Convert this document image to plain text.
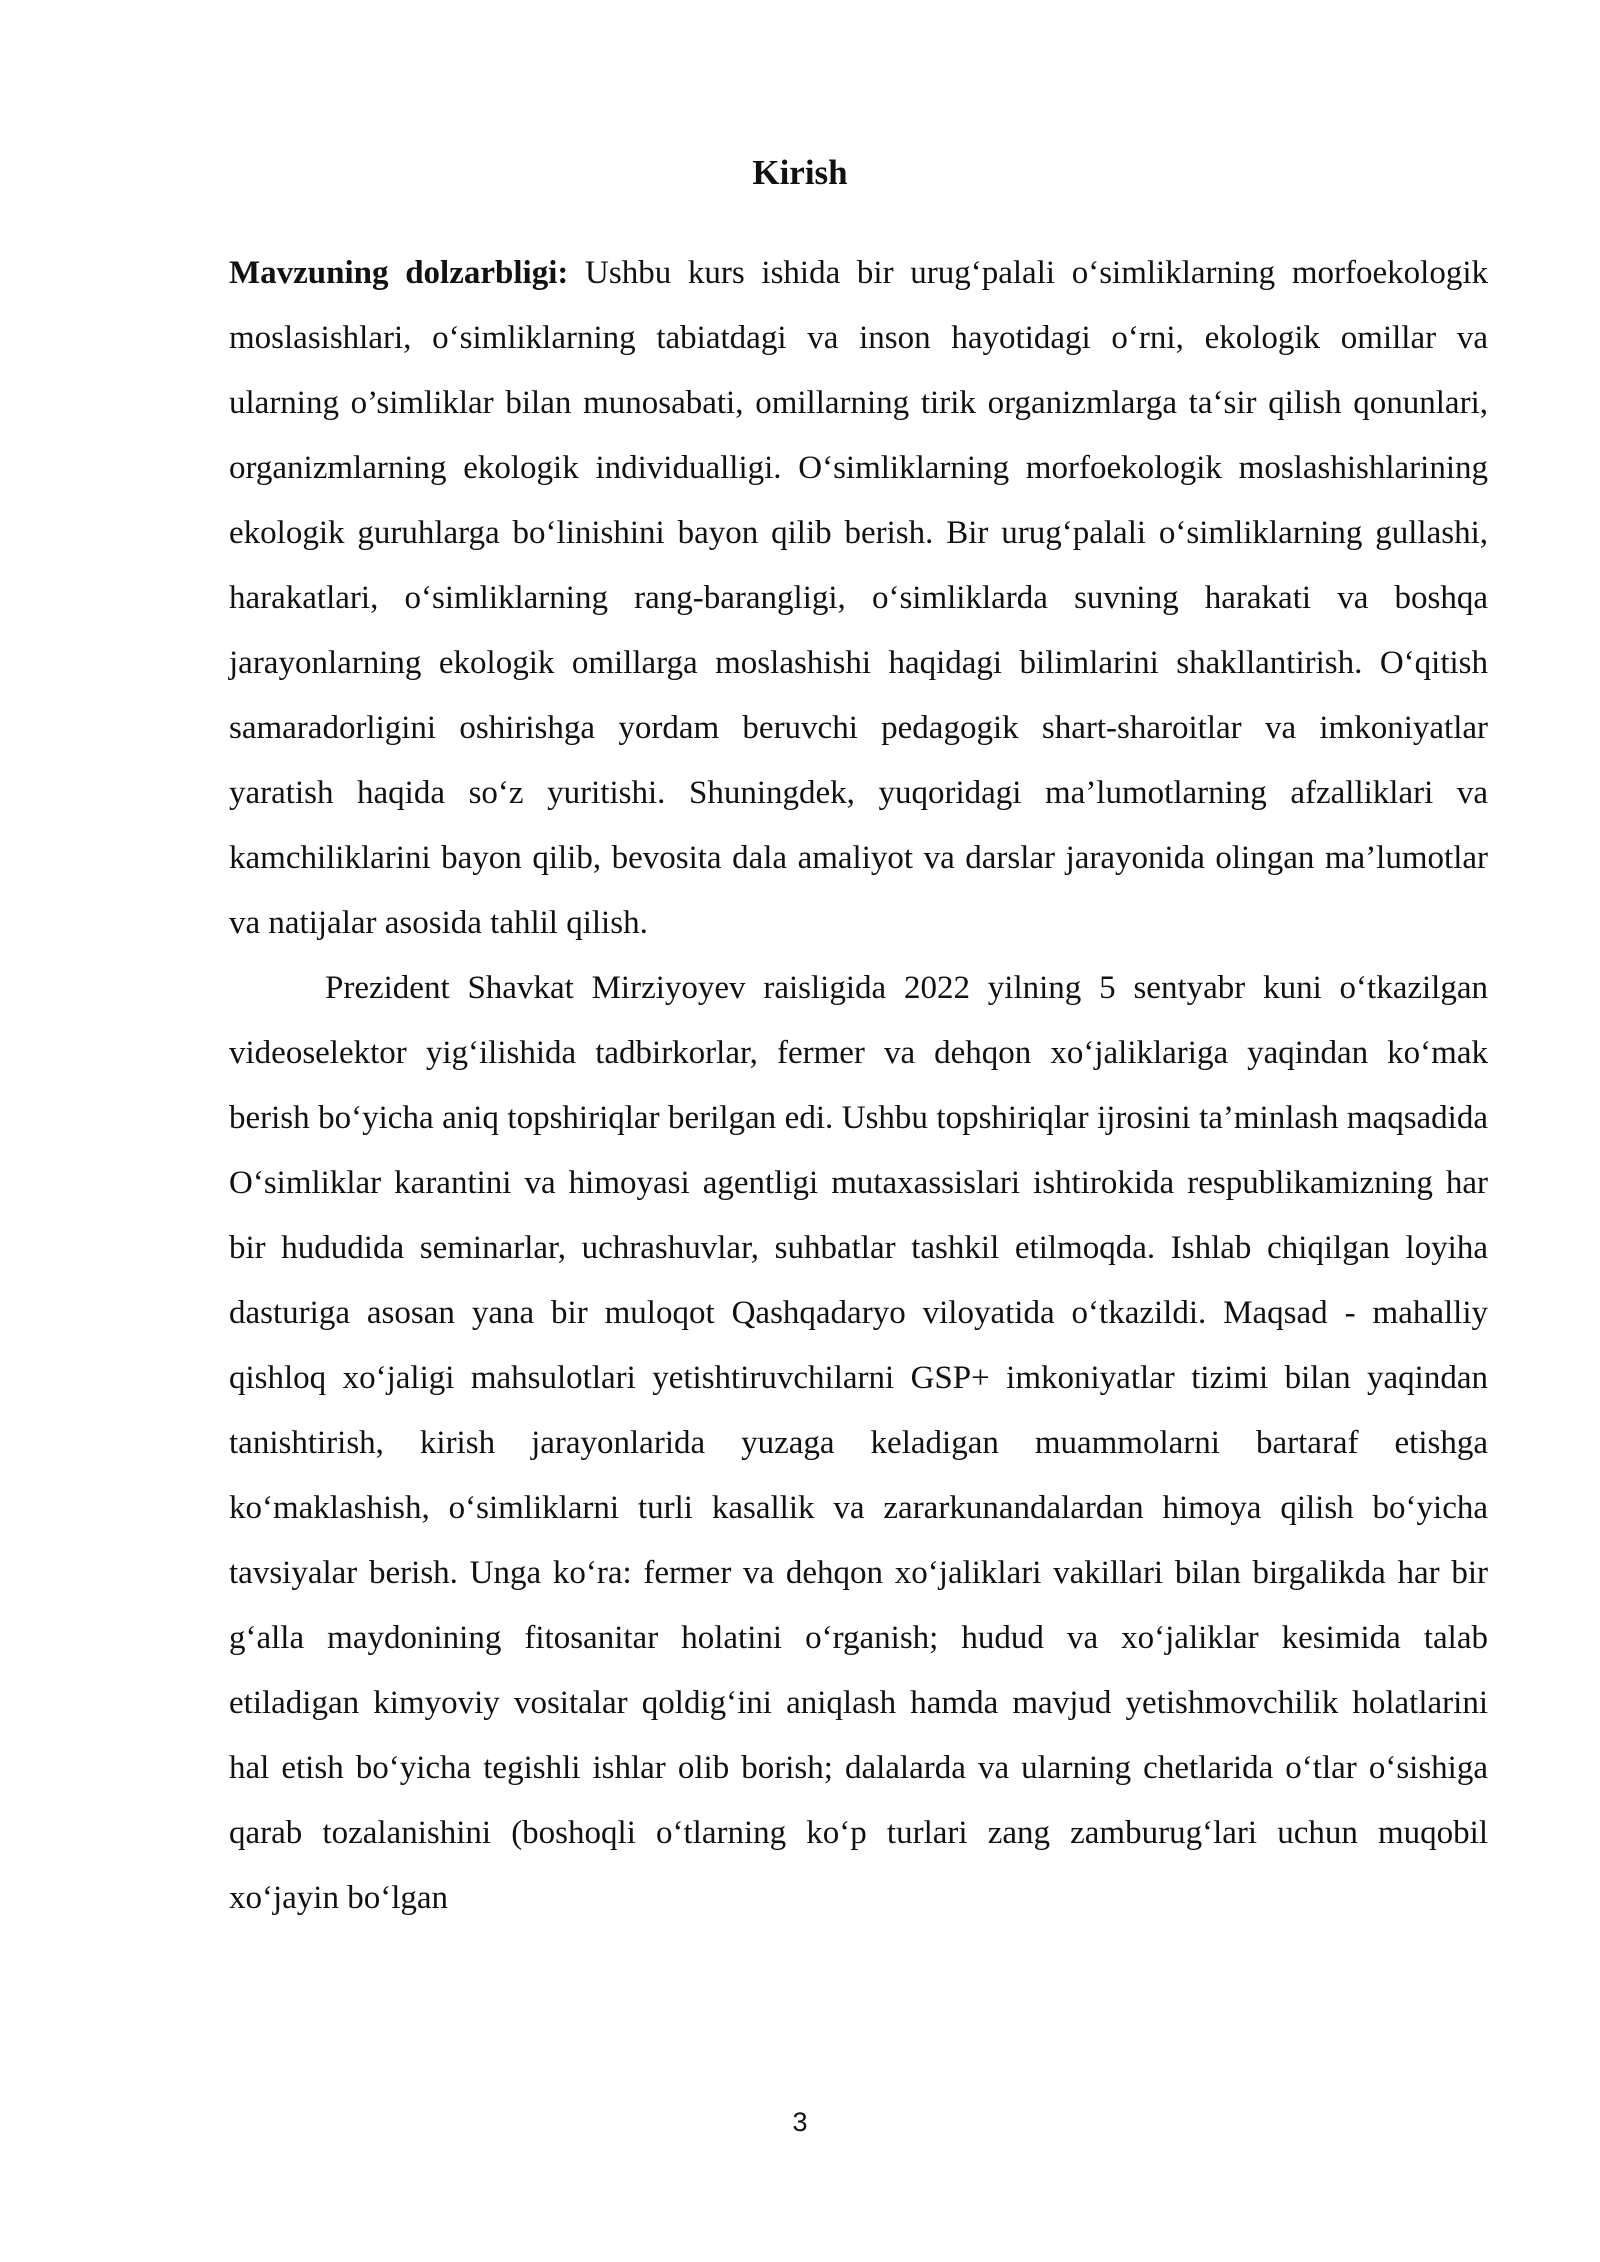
Kirish

Mavzuning dolzarbligi: Ushbu kurs ishida bir urug‘palali o‘simliklarning morfoekologik moslasishlari, o‘simliklarning tabiatdagi va inson hayotidagi o‘rni, ekologik omillar va ularning o’simliklar bilan munosabati, omillarning tirik organizmlarga ta‘sir qilish qonunlari, organizmlarning ekologik individualligi. O‘simliklarning morfoekologik moslashishlarining ekologik guruhlarga bo‘linishini bayon qilib berish. Bir urug‘palali o‘simliklarning gullashi, harakatlari, o‘simliklarning rang-barangligi, o‘simliklarda suvning harakati va boshqa jarayonlarning ekologik omillarga moslashishi haqidagi bilimlarini shakllantirish. O‘qitish samaradorligini oshirishga yordam beruvchi pedagogik shart-sharoitlar va imkoniyatlar yaratish haqida so‘z yuritishi. Shuningdek, yuqoridagi ma’lumotlarning afzalliklari va kamchiliklarini bayon qilib, bevosita dala amaliyot va darslar jarayonida olingan ma’lumotlar va natijalar asosida tahlil qilish.

Prezident Shavkat Mirziyoyev raisligida 2022 yilning 5 sentyabr kuni o‘tkazilgan videoselektor yig‘ilishida tadbirkorlar, fermer va dehqon xo‘jaliklariga yaqindan ko‘mak berish bo‘yicha aniq topshiriqlar berilgan edi. Ushbu topshiriqlar ijrosini ta’minlash maqsadida O‘simliklar karantini va himoyasi agentligi mutaxassislari ishtirokida respublikamizning har bir hududida seminarlar, uchrashuvlar, suhbatlar tashkil etilmoqda. Ishlab chiqilgan loyiha dasturiga asosan yana bir muloqot Qashqadaryo viloyatida o‘tkazildi. Maqsad - mahalliy qishloq xo‘jaligi mahsulotlari yetishtiruvchilarni GSP+ imkoniyatlar tizimi bilan yaqindan tanishtirish, kirish jarayonlarida yuzaga keladigan muammolarni bartaraf etishga ko‘maklashish, o‘simliklarni turli kasallik va zararkunandalardan himoya qilish bo‘yicha tavsiyalar berish. Unga ko‘ra: fermer va dehqon xo‘jaliklari vakillari bilan birgalikda har bir g‘alla maydonining fitosanitar holatini o‘rganish; hudud va xo‘jaliklar kesimida talab etiladigan kimyoviy vositalar qoldig‘ini aniqlash hamda mavjud yetishmovchilik holatlarini hal etish bo‘yicha tegishli ishlar olib borish; dalalarda va ularning chetlarida o‘tlar o‘sishiga qarab tozalanishini (boshoqli o‘tlarning ko‘p turlari zang zamburug‘lari uchun muqobil xo‘jayin bo‘lgan

3
